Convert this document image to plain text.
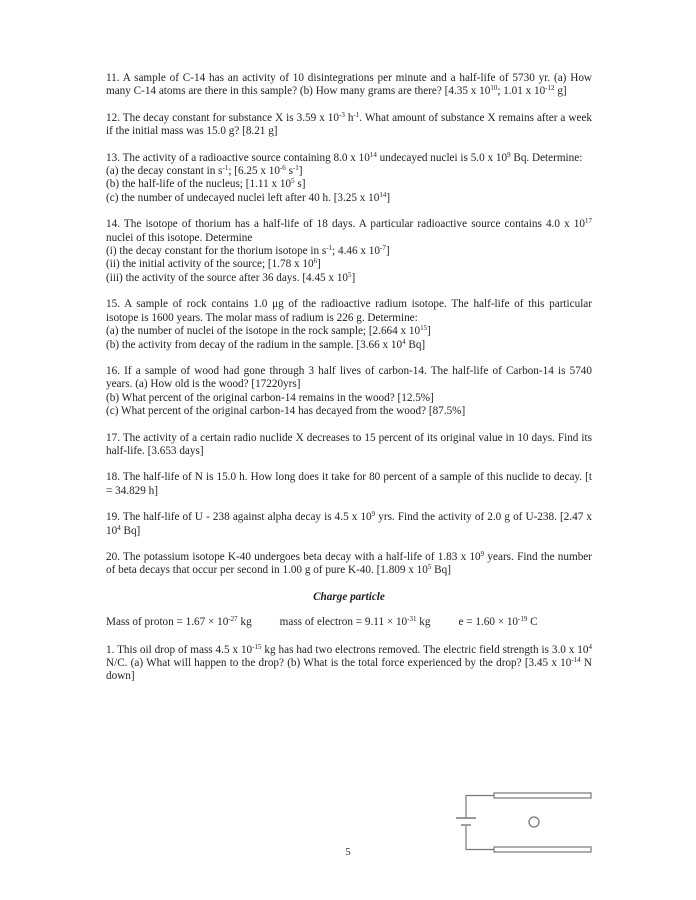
11. A sample of C-14 has an activity of 10 disintegrations per minute and a half-life of 5730 yr. (a) How many C-14 atoms are there in this sample? (b) How many grams are there? [4.35 x $10^{10}$; 1.01 x $10^{-12}$ g]
12. The decay constant for substance X is 3.59 x $10^{-3}$ $h^{-1}$. What amount of substance X remains after a week if the initial mass was 15.0 g? [8.21 g]
13. The activity of a radioactive source containing 8.0 x $10^{14}$ undecayed nuclei is 5.0 x $10^9$ Bq. Determine:
(a) the decay constant in $s^{-1}$; [6.25 x $10^{-6}$ $s^{-1}$]
(b) the half-life of the nucleus; [1.11 x $10^5$ s]
(c) the number of undecayed nuclei left after 40 h. [3.25 x $10^{14}$]
14. The isotope of thorium has a half-life of 18 days. A particular radioactive source contains 4.0 x $10^{17}$ nuclei of this isotope. Determine
(i) the decay constant for the thorium isotope in $s^{-1}$; 4.46 x $10^{-7}$]
(ii) the initial activity of the source; [1.78 x $10^6$]
(iii) the activity of the source after 36 days. [4.45 x $10^5$]
15. A sample of rock contains 1.0 μg of the radioactive radium isotope. The half-life of this particular isotope is 1600 years. The molar mass of radium is 226 g. Determine:
(a) the number of nuclei of the isotope in the rock sample; [2.664 x $10^{15}$]
(b) the activity from decay of the radium in the sample. [3.66 x $10^4$ Bq]
16. If a sample of wood had gone through 3 half lives of carbon-14. The half-life of Carbon-14 is 5740 years. (a) How old is the wood? [17220yrs]
(b) What percent of the original carbon-14 remains in the wood? [12.5%]
(c) What percent of the original carbon-14 has decayed from the wood? [87.5%]
17. The activity of a certain radio nuclide X decreases to 15 percent of its original value in 10 days. Find its half-life. [3.653 days]
18. The half-life of N is 15.0 h. How long does it take for 80 percent of a sample of this nuclide to decay. [t = 34.829 h]
19. The half-life of U - 238 against alpha decay is 4.5 x $10^9$ yrs. Find the activity of 2.0 g of U-238. [2.47 x $10^4$ Bq]
20. The potassium isotope K-40 undergoes beta decay with a half-life of 1.83 x $10^9$ years. Find the number of beta decays that occur per second in 1.00 g of pure K-40. [1.809 x $10^5$ Bq]
Charge particle
Mass of proton = $1.67 \times 10^{-27}$ kg	mass of electron = $9.11 \times 10^{-31}$ kg	$e = 1.60 \times 10^{-19}$ C
1. This oil drop of mass 4.5 x $10^{-15}$ kg has had two electrons removed. The electric field strength is 3.0 x $10^4$ N/C. (a) What will happen to the drop? (b) What is the total force experienced by the drop? [3.45 x $10^{-14}$ N down]
5
